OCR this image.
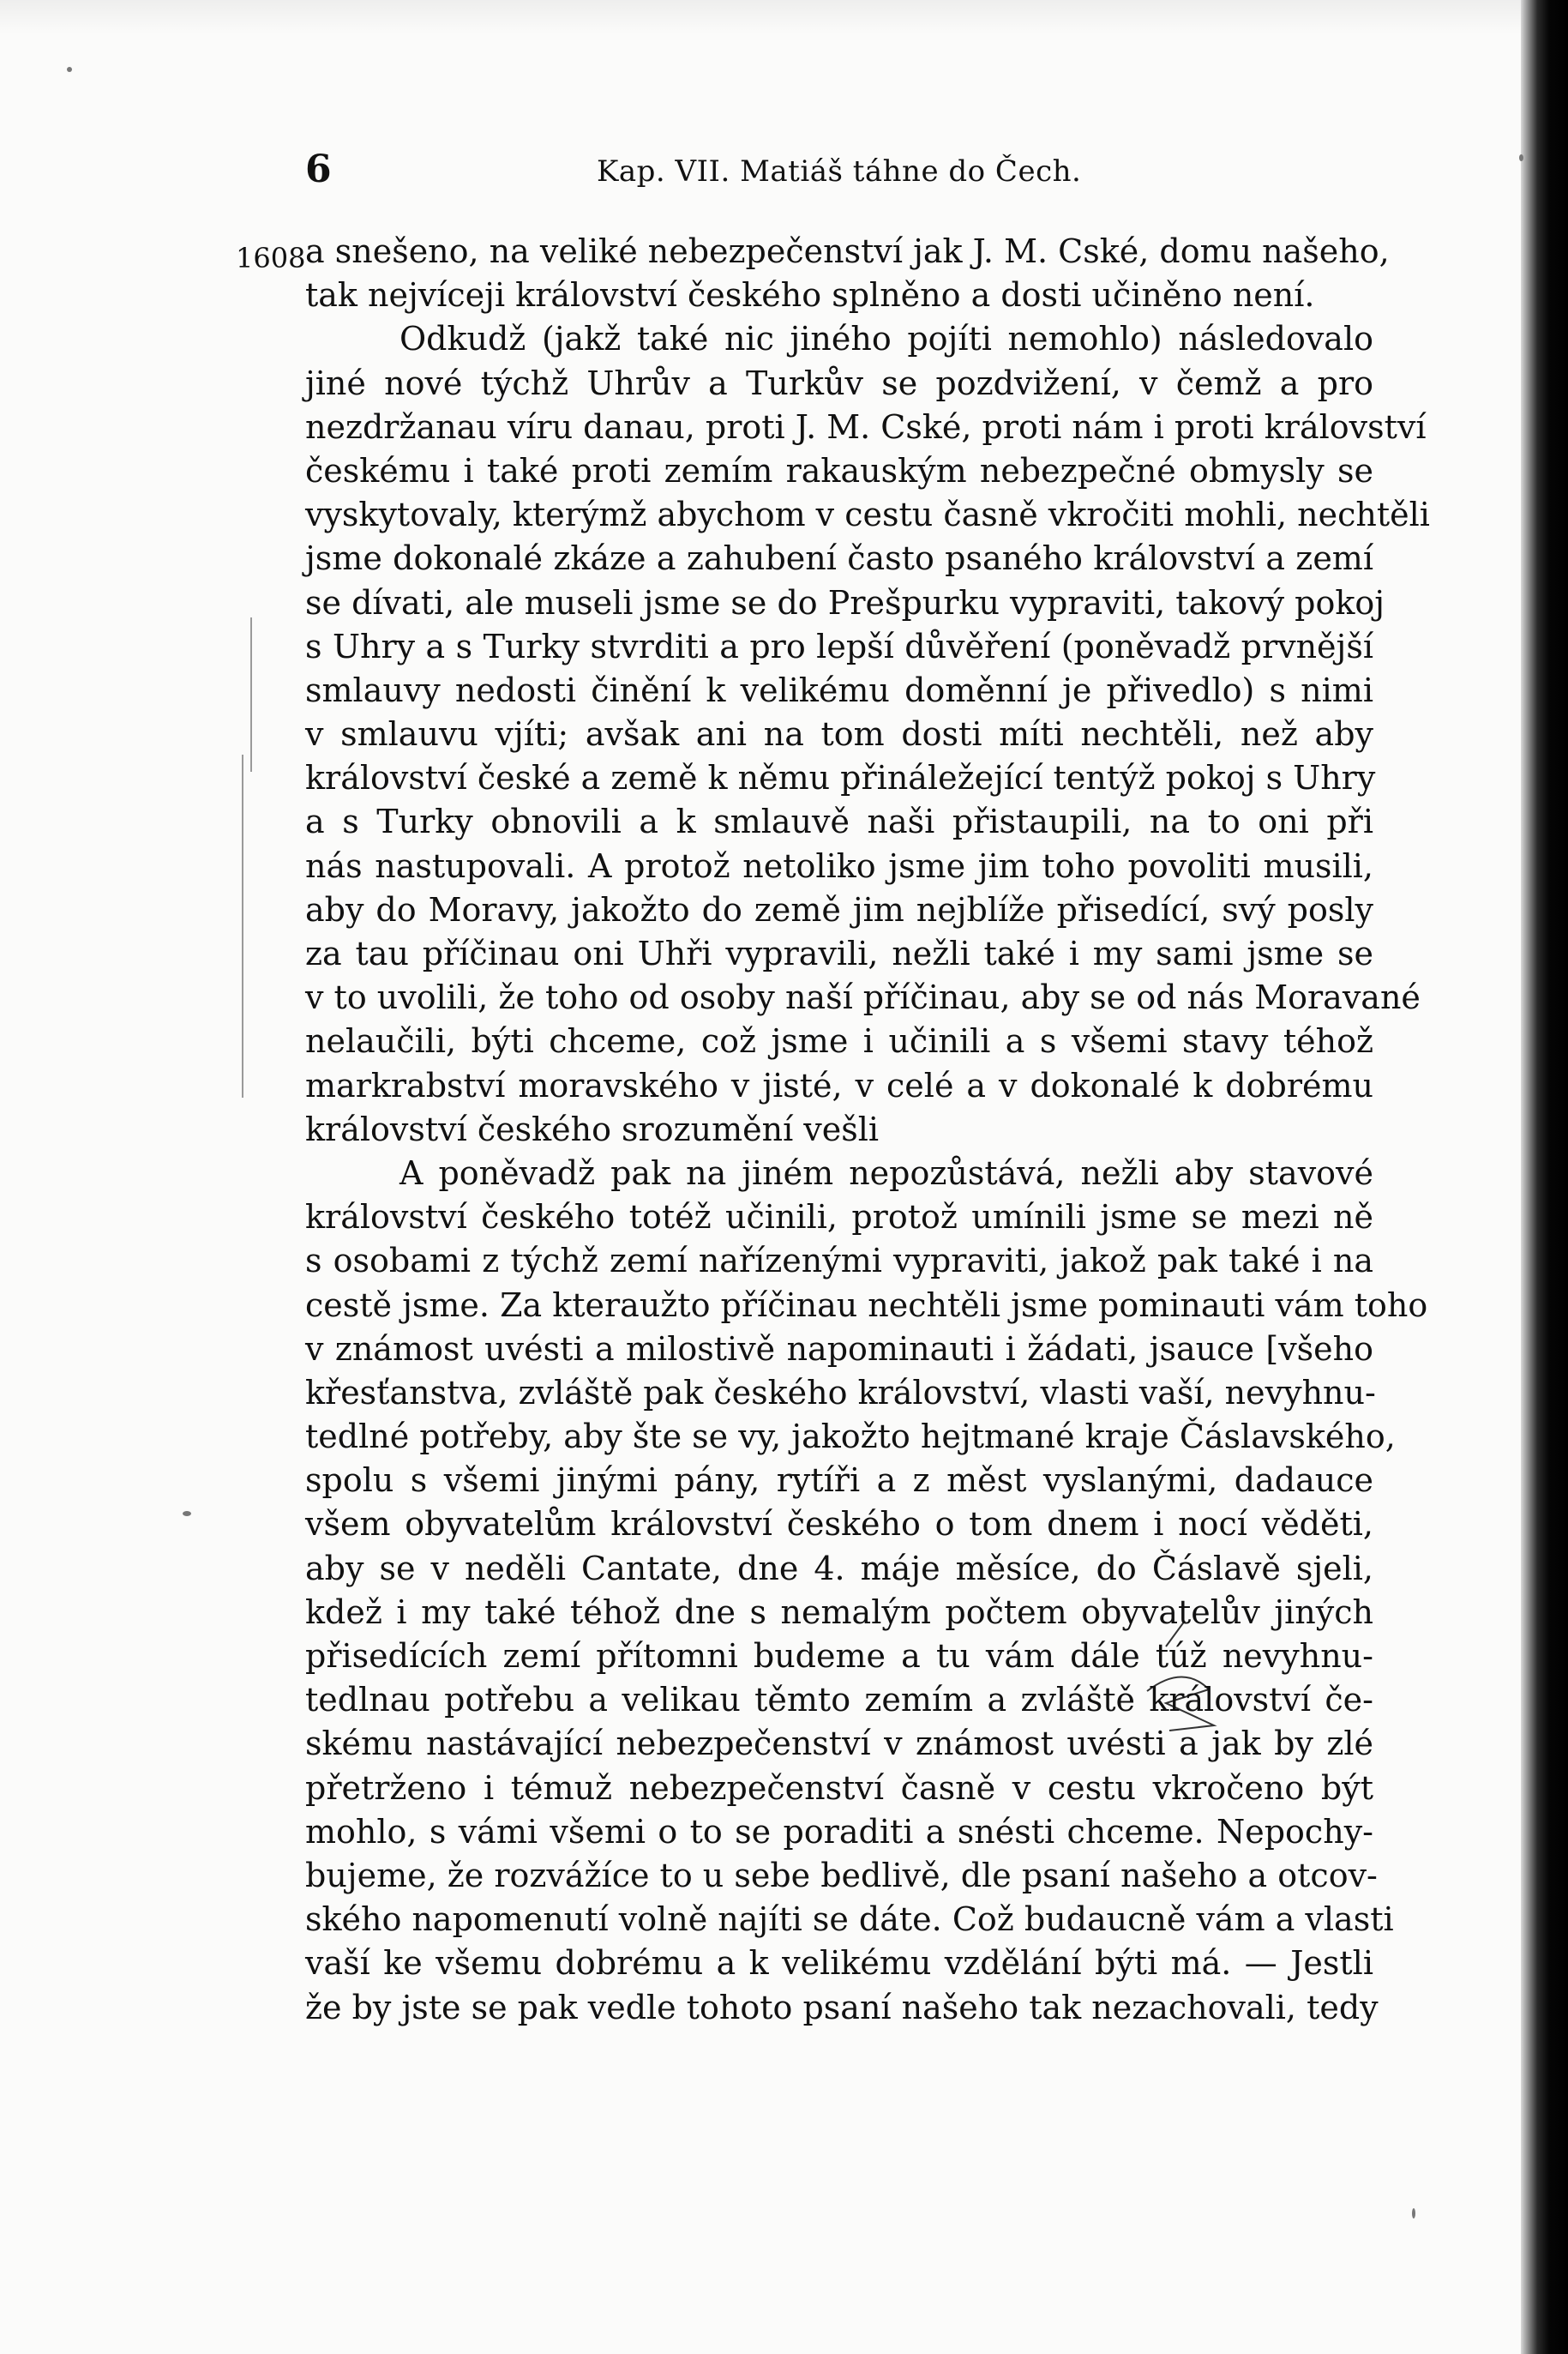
6	Kap. VII. Matiáš táhne do Čech.
1608 a snešeno, na veliké nebezpečenství jak J. M. Cské, domu našeho,
tak nejvíceji království českého splněno a dosti učiněno není.
Odkudž (jakž také nic jiného pojíti nemohlo) následovalo
jiné nové týchž Uhrův a Turkův se pozdvižení, v čemž a pro
nezdržanau víru danau, proti J. M. Cské, proti nám i proti království
českému i také proti zemím rakauským nebezpečné obmysly se
vyskytovaly, kterýmž abychom v cestu časně vkročiti mohli, nechtěli
jsme dokonalé zkáze a zahubení často psaného království a zemí
se dívati, ale museli jsme se do Prešpurku vypraviti, takový pokoj
s Uhry a s Turky stvrditi a pro lepší důvěření (poněvadž prvnější
smlauvy nedosti činění k velikému doměnní je přivedlo) s nimi
v smlauvu vjíti; avšak ani na tom dosti míti nechtěli, než aby
království české a země k němu přináležející tentýž pokoj s Uhry
a s Turky obnovili a k smlauvě naši přistaupili, na to oni při
nás nastupovali. A protož netoliko jsme jim toho povoliti musili,
aby do Moravy, jakožto do země jim nejblíže přisedící, svý posly
za tau příčinau oni Uhři vypravili, nežli také i my sami jsme se
v to uvolili, že toho od osoby naší příčinau, aby se od nás Moravané
nelaučili, býti chceme, což jsme i učinili a s všemi stavy téhož
markrabství moravského v jisté, v celé a v dokonalé k dobrému
království českého srozumění vešli
A poněvadž pak na jiném nepozůstává, nežli aby stavové
království českého totéž učinili, protož umínili jsme se mezi ně
s osobami z týchž zemí nařízenými vypraviti, jakož pak také i na
cestě jsme. Za kteraužto příčinau nechtěli jsme pominauti vám toho
v známost uvésti a milostivě napominauti i žádati, jsauce [všeho
křesťanstva, zvláště pak českého království, vlasti vaší, nevyhnu-
tedlné potřeby, aby šte se vy, jakožto hejtmané kraje Čáslavského,
spolu s všemi jinými pány, rytíři a z měst vyslanými, dadauce
všem obyvatelům království českého o tom dnem i nocí věděti,
aby se v neděli Cantate, dne 4. máje měsíce, do Čáslavě sjeli,
kdež i my také téhož dne s nemalým počtem obyvatelův jiných
přisedících zemí přítomni budeme a tu vám dále túž nevyhnu-
tedlnau potřebu a velikau těmto zemím a zvláště království če-
skému nastávající nebezpečenství v známost uvésti a jak by zlé
přetrženo i témuž nebezpečenství časně v cestu vkročeno být
mohlo, s vámi všemi o to se poraditi a snésti chceme. Nepochy-
bujeme, že rozvážíce to u sebe bedlivě, dle psaní našeho a otcov-
ského napomenutí volně najíti se dáte. Což budaucně vám a vlasti
vaší ke všemu dobrému a k velikému vzdělání býti má. — Jestli
že by jste se pak vedle tohoto psaní našeho tak nezachovali, tedy
